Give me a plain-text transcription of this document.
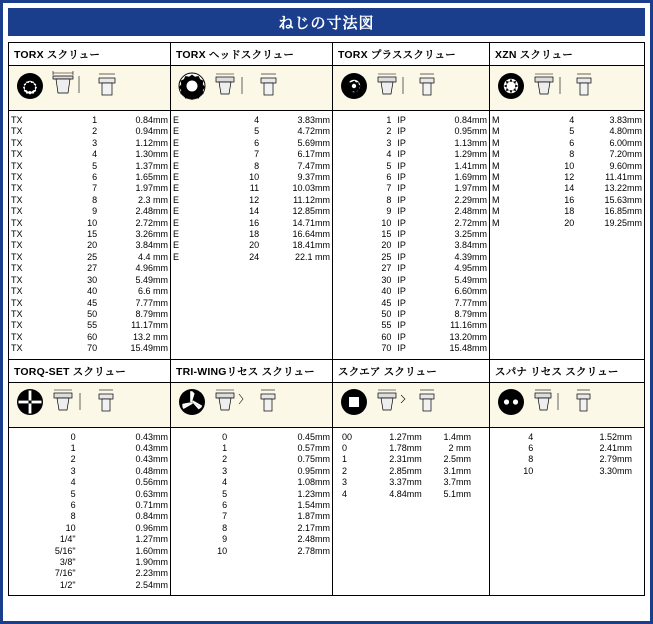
ねじの寸法図
TORX スクリュー
TX	1	0.84mm
TX	2	0.94mm
TX	3	1.12mm
TX	4	1.30mm
TX	5	1.37mm
TX	6	1.65mm
TX	7	1.97mm
TX	8	2.3 mm
TX	9	2.48mm
TX	10	2.72mm
TX	15	3.26mm
TX	20	3.84mm
TX	25	4.4 mm
TX	27	4.96mm
TX	30	5.49mm
TX	40	6.6 mm
TX	45	7.77mm
TX	50	8.79mm
TX	55	11.17mm
TX	60	13.2 mm
TX	70	15.49mm
TORX ヘッドスクリュー
E	4	3.83mm
E	5	4.72mm
E	6	5.69mm
E	7	6.17mm
E	8	7.47mm
E	10	9.37mm
E	11	10.03mm
E	12	11.12mm
E	14	12.85mm
E	16	14.71mm
E	18	16.64mm
E	20	18.41mm
E	24	22.1 mm
TORX プラススクリュー
1	IP	0.84mm
2	IP	0.95mm
3	IP	1.13mm
4	IP	1.29mm
5	IP	1.41mm
6	IP	1.69mm
7	IP	1.97mm
8	IP	2.29mm
9	IP	2.48mm
10	IP	2.72mm
15	IP	3.25mm
20	IP	3.84mm
25	IP	4.39mm
27	IP	4.95mm
30	IP	5.49mm
40	IP	6.60mm
45	IP	7.77mm
50	IP	8.79mm
55	IP	11.16mm
60	IP	13.20mm
70	IP	15.48mm
XZN スクリュー
M	4	3.83mm
M	5	4.80mm
M	6	6.00mm
M	8	7.20mm
M	10	9.60mm
M	12	11.41mm
M	14	13.22mm
M	16	15.63mm
M	18	16.85mm
M	20	19.25mm
TORQ-SET スクリュー
0	0.43mm
1	0.43mm
2	0.43mm
3	0.48mm
4	0.56mm
5	0.63mm
6	0.71mm
8	0.84mm
10	0.96mm
1/4"	1.27mm
5/16"	1.60mm
3/8"	1.90mm
7/16"	2.23mm
1/2"	2.54mm
TRI-WINGリセス スクリュー
0	0.45mm
1	0.57mm
2	0.75mm
3	0.95mm
4	1.08mm
5	1.23mm
6	1.54mm
7	1.87mm
8	2.17mm
9	2.48mm
10	2.78mm
スクエア スクリュー
00	1.27mm	1.4mm
0	1.78mm	2 mm
1	2.31mm	2.5mm
2	2.85mm	3.1mm
3	3.37mm	3.7mm
4	4.84mm	5.1mm
スパナ リセス スクリュー
4	1.52mm
6	2.41mm
8	2.79mm
10	3.30mm
